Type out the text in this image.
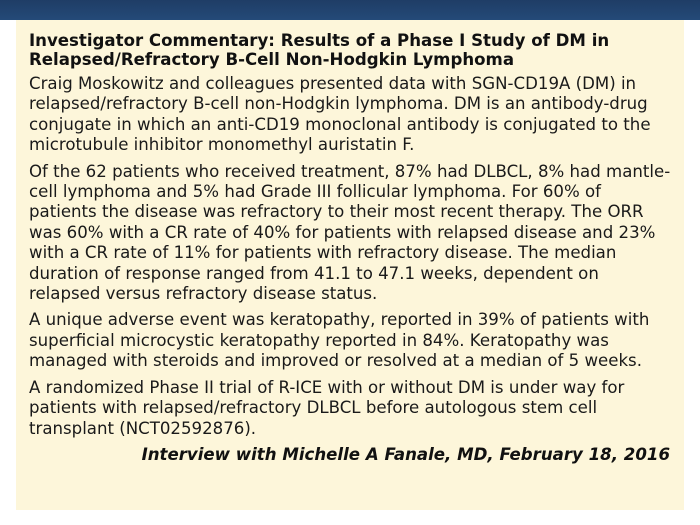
Investigator Commentary: Results of a Phase I Study of DM in Relapsed/Refractory B-Cell Non-Hodgkin Lymphoma
Craig Moskowitz and colleagues presented data with SGN-CD19A (DM) in relapsed/refractory B-cell non-Hodgkin lymphoma. DM is an antibody-drug conjugate in which an anti-CD19 monoclonal antibody is conjugated to the microtubule inhibitor monomethyl auristatin F.
Of the 62 patients who received treatment, 87% had DLBCL, 8% had mantle-cell lymphoma and 5% had Grade III follicular lymphoma. For 60% of patients the disease was refractory to their most recent therapy. The ORR was 60% with a CR rate of 40% for patients with relapsed disease and 23% with a CR rate of 11% for patients with refractory disease. The median duration of response ranged from 41.1 to 47.1 weeks, dependent on relapsed versus refractory disease status.
A unique adverse event was keratopathy, reported in 39% of patients with superficial microcystic keratopathy reported in 84%. Keratopathy was managed with steroids and improved or resolved at a median of 5 weeks.
A randomized Phase II trial of R-ICE with or without DM is under way for patients with relapsed/refractory DLBCL before autologous stem cell transplant (NCT02592876).
Interview with Michelle A Fanale, MD, February 18, 2016
